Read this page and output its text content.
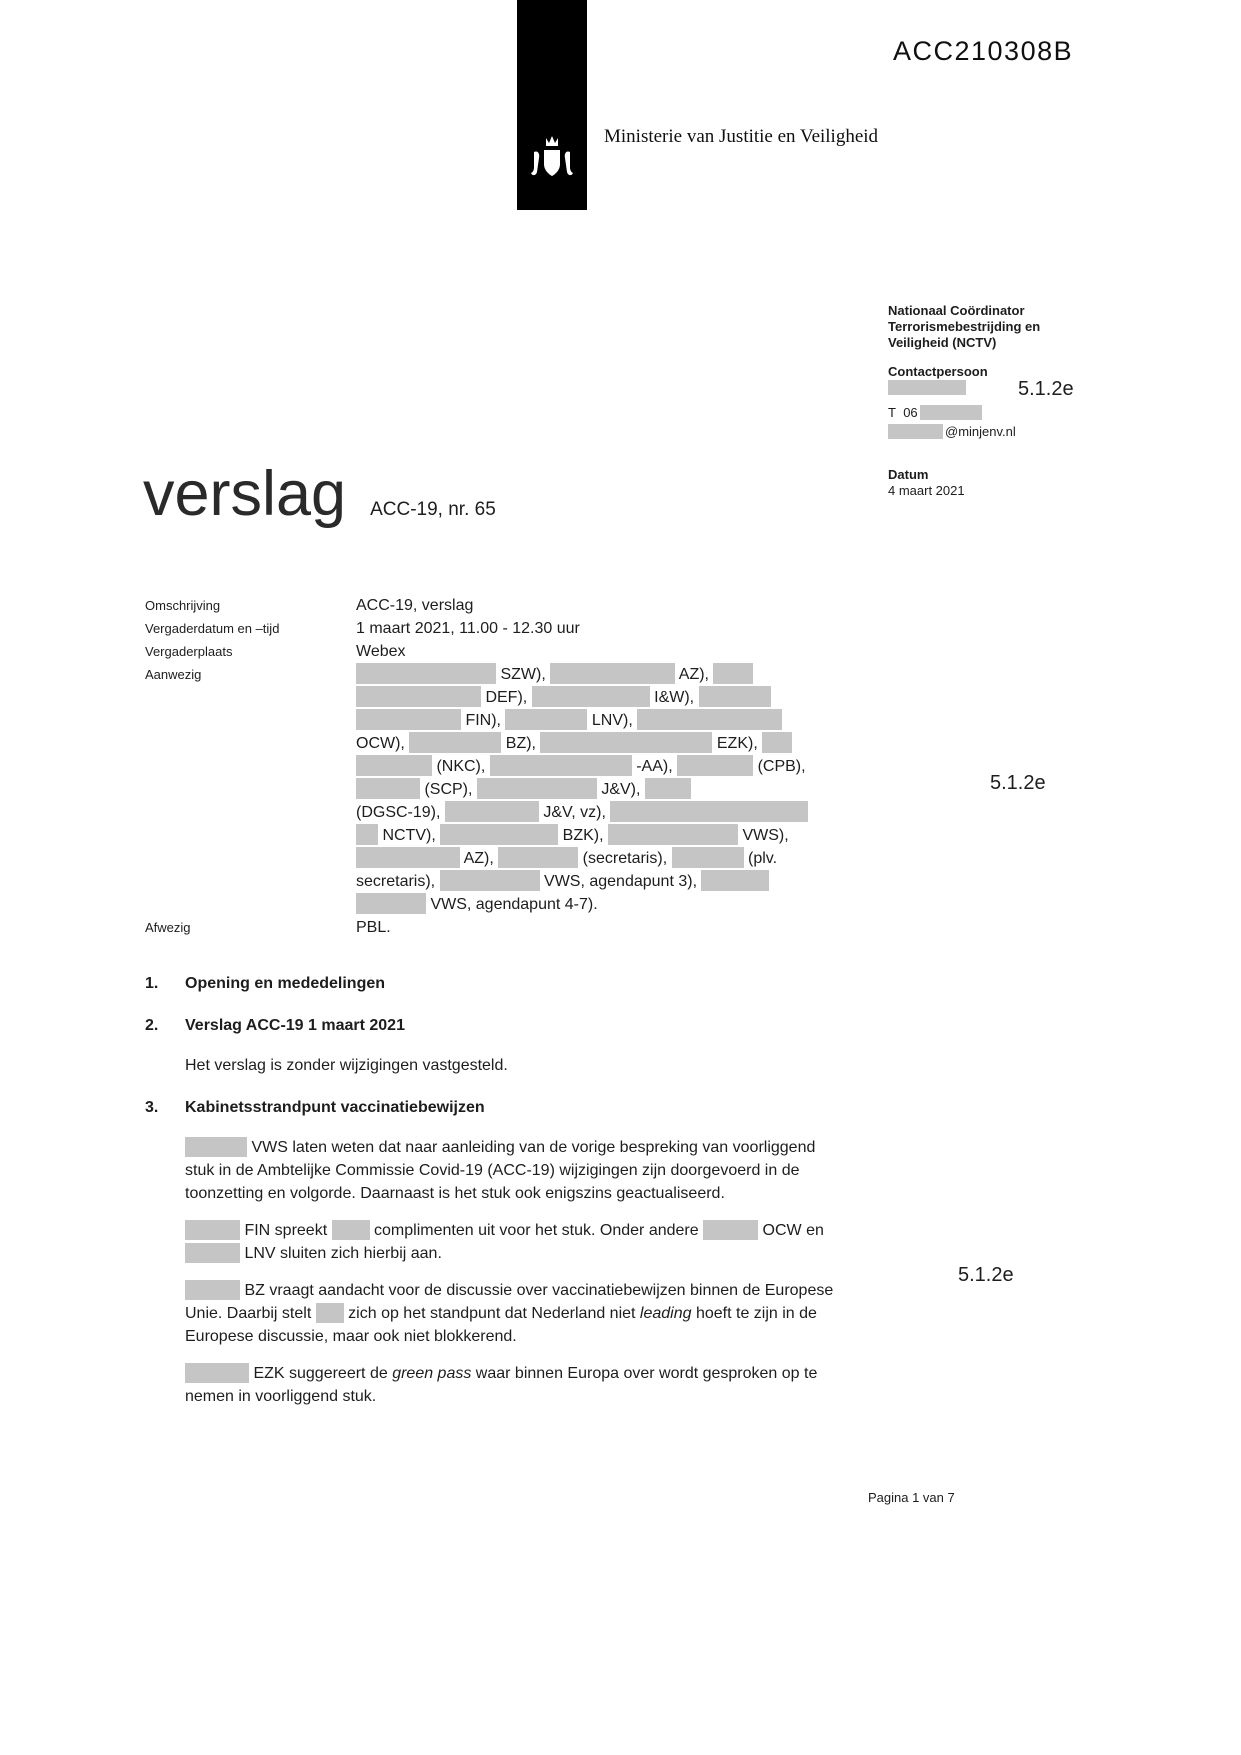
ACC210308B
Ministerie van Justitie en Veiligheid
Nationaal Coördinator Terrorismebestrijding en Veiligheid (NCTV)
Contactpersoon
T 06
@minjenv.nl
Datum
4 maart 2021
5.1.2e
5.1.2e
5.1.2e
verslag ACC-19, nr. 65
Omschrijving	ACC-19, verslag
Vergaderdatum en –tijd	1 maart 2021, 11.00 - 12.30 uur
Vergaderplaats	Webex
Aanwezig	SZW),	AZ),
DEF),	I&W),
FIN),	LNV),
OCW),	BZ),	EZK),
(NKC),	-AA),	(CPB),
(SCP),	J&V),
(DGSC-19),	J&V, vz),
NCTV),	BZK),	VWS),
AZ),	(secretaris),	(plv.
secretaris),	VWS, agendapunt 3),
VWS, agendapunt 4-7).
Afwezig	PBL.
1.	Opening en mededelingen
2.	Verslag ACC-19 1 maart 2021

Het verslag is zonder wijzigingen vastgesteld.

3.	Kabinetsstrandpunt vaccinatiebewijzen

VWS laten weten dat naar aanleiding van de vorige bespreking van voorliggend stuk in de Ambtelijke Commissie Covid-19 (ACC-19) wijzigingen zijn doorgevoerd in de toonzetting en volgorde. Daarnaast is het stuk ook enigszins geactualiseerd.

FIN spreekt  complimenten uit voor het stuk. Onder andere	OCW en  LNV sluiten zich hierbij aan.

BZ vraagt aandacht voor de discussie over vaccinatiebewijzen binnen de Europese Unie. Daarbij stelt  zich op het standpunt dat Nederland niet leading hoeft te zijn in de Europese discussie, maar ook niet blokkerend.

EZK suggereert de green pass waar binnen Europa over wordt gesproken op te nemen in voorliggend stuk.

Pagina 1 van 7
